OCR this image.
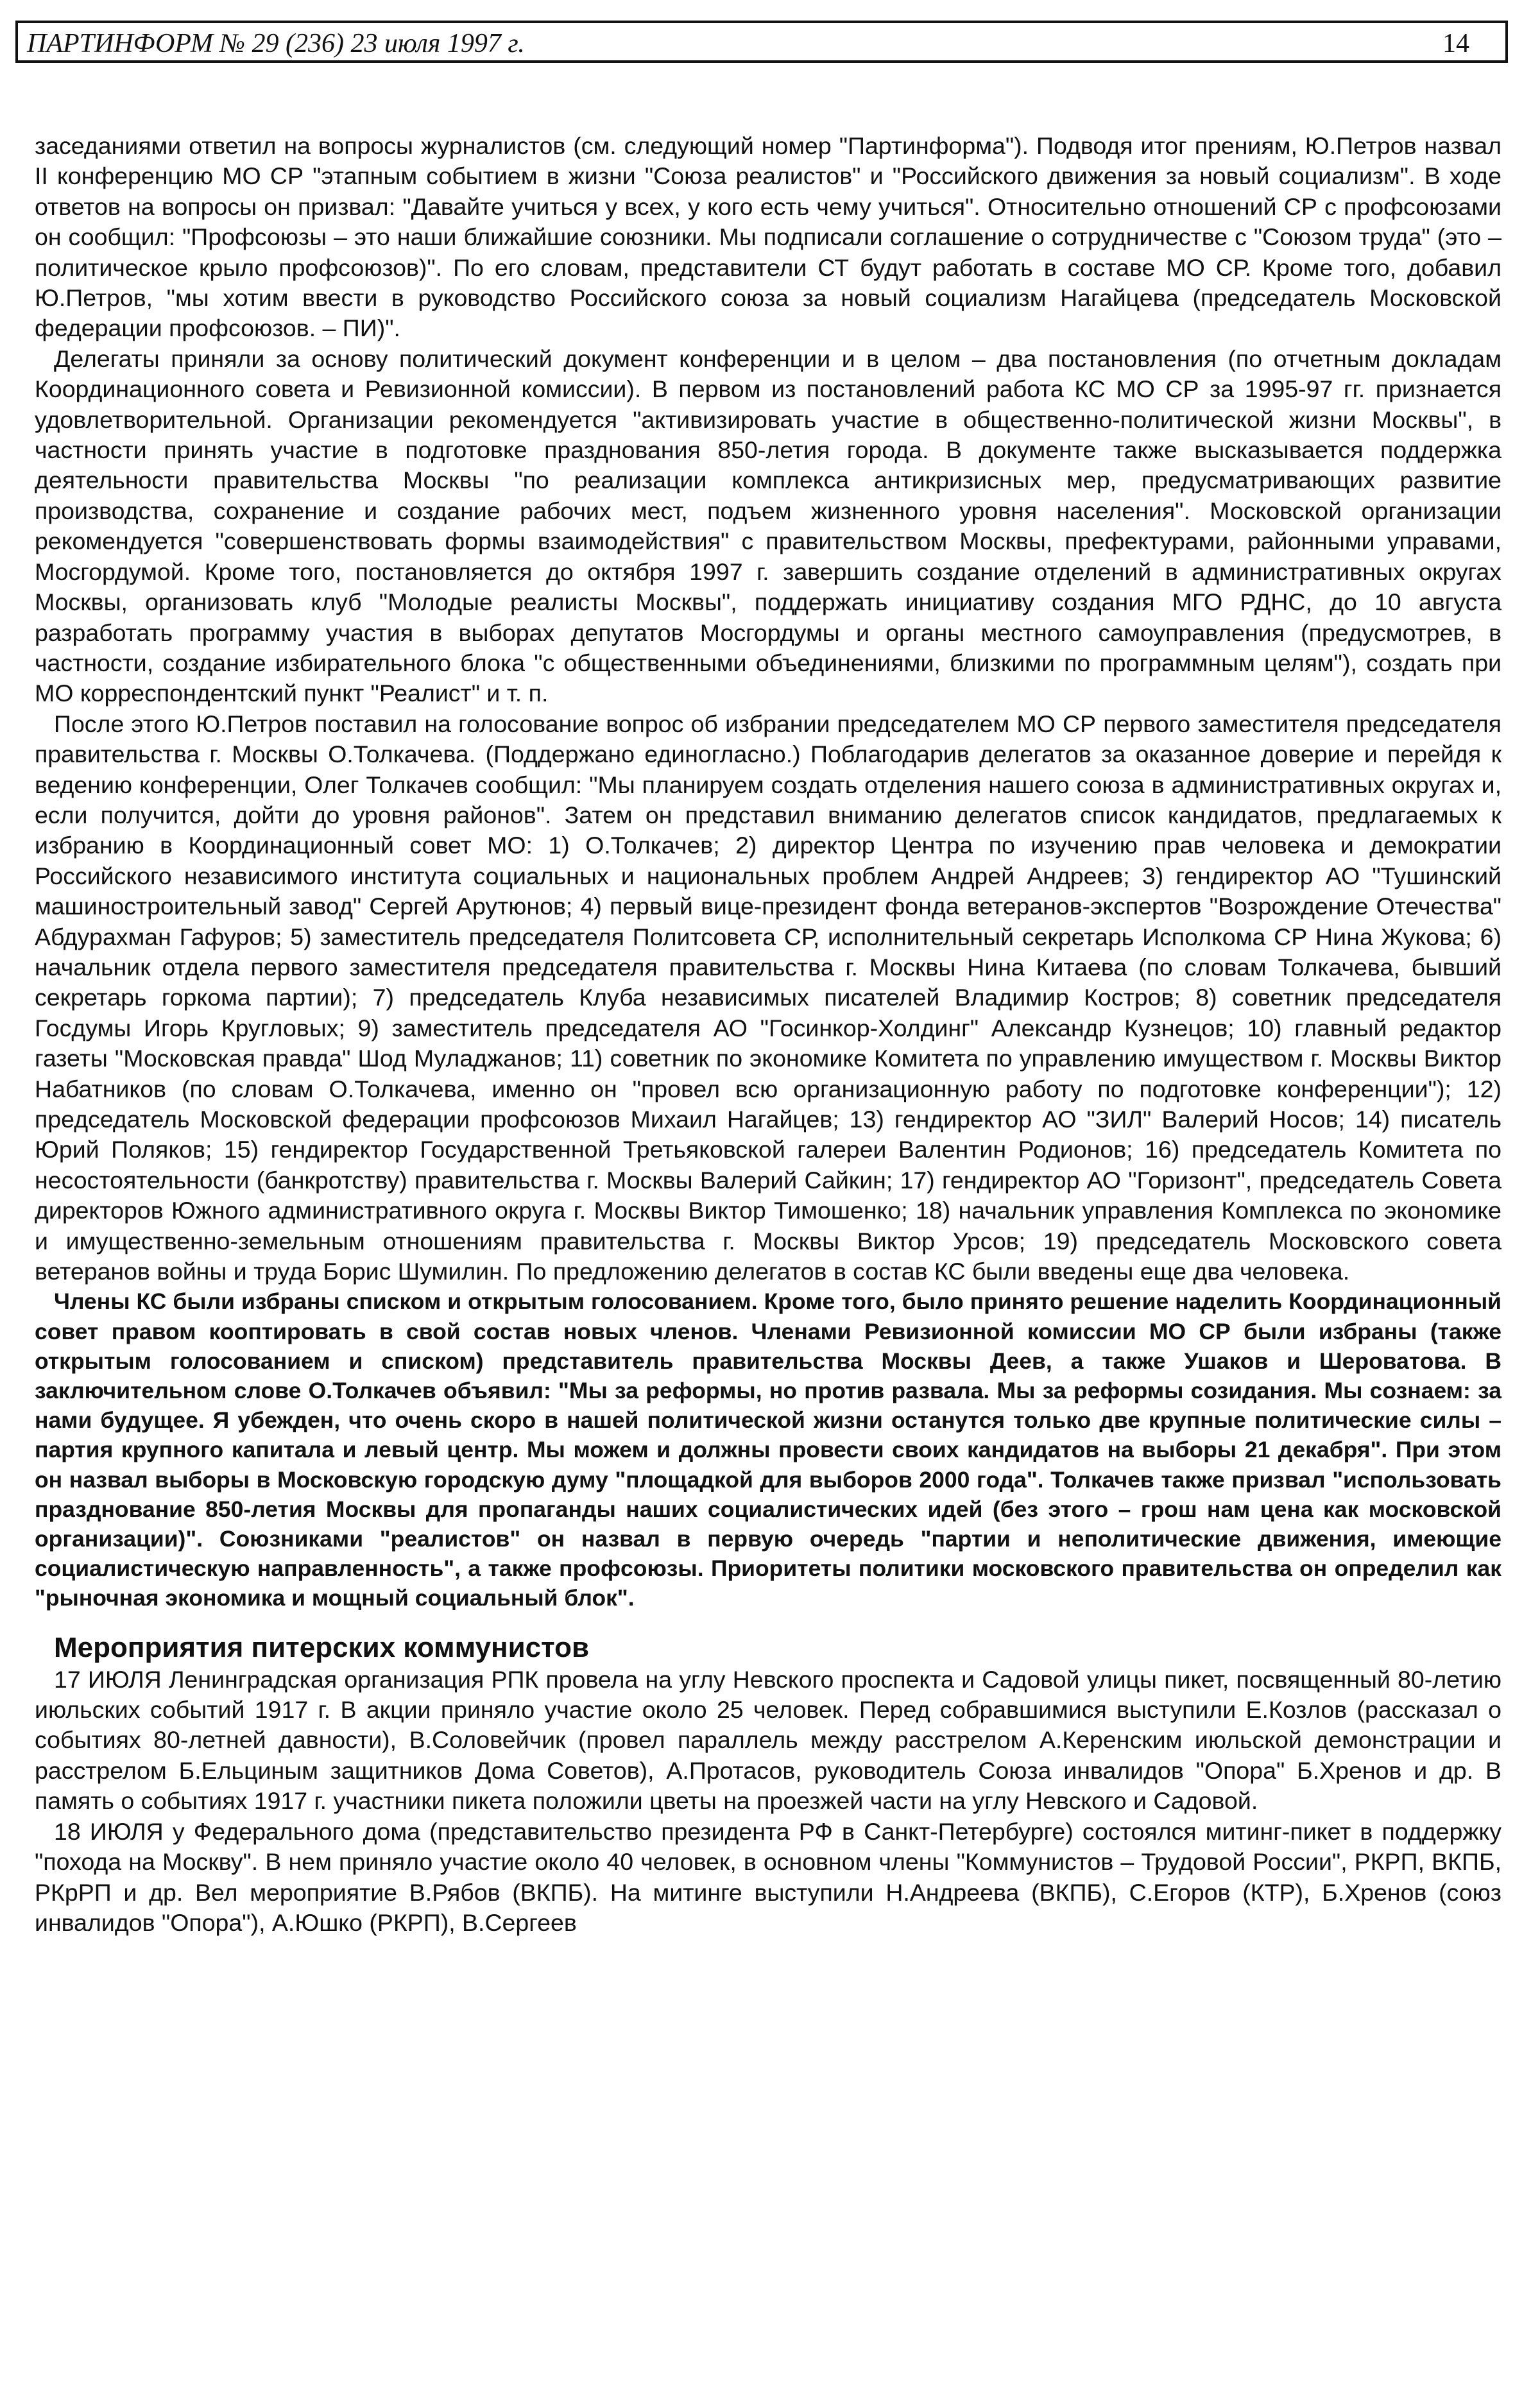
ПАРТИНФОРМ № 29 (236) 23 июля 1997 г.	14

заседаниями ответил на вопросы журналистов (см. следующий номер "Партинформа"). Подводя итог прениям, Ю.Петров назвал II конференцию МО СР "этапным событием в жизни "Союза реалистов" и "Российского движения за новый социализм". В ходе ответов на вопросы он призвал: "Давайте учиться у всех, у кого есть чему учиться". Относительно отношений СР с профсоюзами он сообщил: "Профсоюзы – это наши ближайшие союзники. Мы подписали соглашение о сотрудничестве с "Союзом труда" (это – политическое крыло профсоюзов)". По его словам, представители СТ будут работать в составе МО СР. Кроме того, добавил Ю.Петров, "мы хотим ввести в руководство Российского союза за новый социализм Нагайцева (председатель Московской федерации профсоюзов. – ПИ)".

Делегаты приняли за основу политический документ конференции и в целом – два постановления (по отчетным докладам Координационного совета и Ревизионной комиссии). В первом из постановлений работа КС МО СР за 1995-97 гг. признается удовлетворительной. Организации рекомендуется "активизировать участие в общественно-политической жизни Москвы", в частности принять участие в подготовке празднования 850-летия города. В документе также высказывается поддержка деятельности правительства Москвы "по реализации комплекса антикризисных мер, предусматривающих развитие производства, сохранение и создание рабочих мест, подъем жизненного уровня населения". Московской организации рекомендуется "совершенствовать формы взаимодействия" с правительством Москвы, префектурами, районными управами, Мосгордумой. Кроме того, постановляется до октября 1997 г. завершить создание отделений в административных округах Москвы, организовать клуб "Молодые реалисты Москвы", поддержать инициативу создания МГО РДНС, до 10 августа разработать программу участия в выборах депутатов Мосгордумы и органы местного самоуправления (предусмотрев, в частности, создание избирательного блока "с общественными объединениями, близкими по программным целям"), создать при МО корреспондентский пункт "Реалист" и т. п.

После этого Ю.Петров поставил на голосование вопрос об избрании председателем МО СР первого заместителя председателя правительства г. Москвы О.Толкачева. (Поддержано единогласно.) Поблагодарив делегатов за оказанное доверие и перейдя к ведению конференции, Олег Толкачев сообщил: "Мы планируем создать отделения нашего союза в административных округах и, если получится, дойти до уровня районов". Затем он представил вниманию делегатов список кандидатов, предлагаемых к избранию в Координационный совет МО: 1) О.Толкачев; 2) директор Центра по изучению прав человека и демократии Российского независимого института социальных и национальных проблем Андрей Андреев; 3) гендиректор АО "Тушинский машиностроительный завод" Сергей Арутюнов; 4) первый вице-президент фонда ветеранов-экспертов "Возрождение Отечества" Абдурахман Гафуров; 5) заместитель председателя Политсовета СР, исполнительный секретарь Исполкома СР Нина Жукова; 6) начальник отдела первого заместителя председателя правительства г. Москвы Нина Китаева (по словам Толкачева, бывший секретарь горкома партии); 7) председатель Клуба независимых писателей Владимир Костров; 8) советник председателя Госдумы Игорь Кругловых; 9) заместитель председателя АО "Госинкор-Холдинг" Александр Кузнецов; 10) главный редактор газеты "Московская правда" Шод Муладжанов; 11) советник по экономике Комитета по управлению имуществом г. Москвы Виктор Набатников (по словам О.Толкачева, именно он "провел всю организационную работу по подготовке конференции"); 12) председатель Московской федерации профсоюзов Михаил Нагайцев; 13) гендиректор АО "ЗИЛ" Валерий Носов; 14) писатель Юрий Поляков; 15) гендиректор Государственной Третьяковской галереи Валентин Родионов; 16) председатель Комитета по несостоятельности (банкротству) правительства г. Москвы Валерий Сайкин; 17) гендиректор АО "Горизонт", председатель Совета директоров Южного административного округа г. Москвы Виктор Тимошенко; 18) начальник управления Комплекса по экономике и имущественно-земельным отношениям правительства г. Москвы Виктор Урсов; 19) председатель Московского совета ветеранов войны и труда Борис Шумилин. По предложению делегатов в состав КС были введены еще два человека.

Члены КС были избраны списком и открытым голосованием. Кроме того, было принято решение наделить Координационный совет правом кооптировать в свой состав новых членов. Членами Ревизионной комиссии МО СР были избраны (также открытым голосованием и списком) представитель правительства Москвы Деев, а также Ушаков и Шероватова. В заключительном слове О.Толкачев объявил: "Мы за реформы, но против развала. Мы за реформы созидания. Мы сознаем: за нами будущее. Я убежден, что очень скоро в нашей политической жизни останутся только две крупные политические силы – партия крупного капитала и левый центр. Мы можем и должны провести своих кандидатов на выборы 21 декабря". При этом он назвал выборы в Московскую городскую думу "площадкой для выборов 2000 года". Толкачев также призвал "использовать празднование 850-летия Москвы для пропаганды наших социалистических идей (без этого – грош нам цена как московской организации)". Союзниками "реалистов" он назвал в первую очередь "партии и неполитические движения, имеющие социалистическую направленность", а также профсоюзы. Приоритеты политики московского правительства он определил как "рыночная экономика и мощный социальный блок".

Мероприятия питерских коммунистов

17 ИЮЛЯ Ленинградская организация РПК провела на углу Невского проспекта и Садовой улицы пикет, посвященный 80-летию июльских событий 1917 г. В акции приняло участие около 25 человек. Перед собравшимися выступили Е.Козлов (рассказал о событиях 80-летней давности), В.Соловейчик (провел параллель между расстрелом А.Керенским июльской демонстрации и расстрелом Б.Ельциным защитников Дома Советов), А.Протасов, руководитель Союза инвалидов "Опора" Б.Хренов и др. В память о событиях 1917 г. участники пикета положили цветы на проезжей части на углу Невского и Садовой.

18 ИЮЛЯ у Федерального дома (представительство президента РФ в Санкт-Петербурге) состоялся митинг-пикет в поддержку "похода на Москву". В нем приняло участие около 40 человек, в основном члены "Коммунистов – Трудовой России", РКРП, ВКПБ, РКрРП и др. Вел мероприятие В.Рябов (ВКПБ). На митинге выступили Н.Андреева (ВКПБ), С.Егоров (КТР), Б.Хренов (союз инвалидов "Опора"), А.Юшко (РКРП), В.Сергеев
